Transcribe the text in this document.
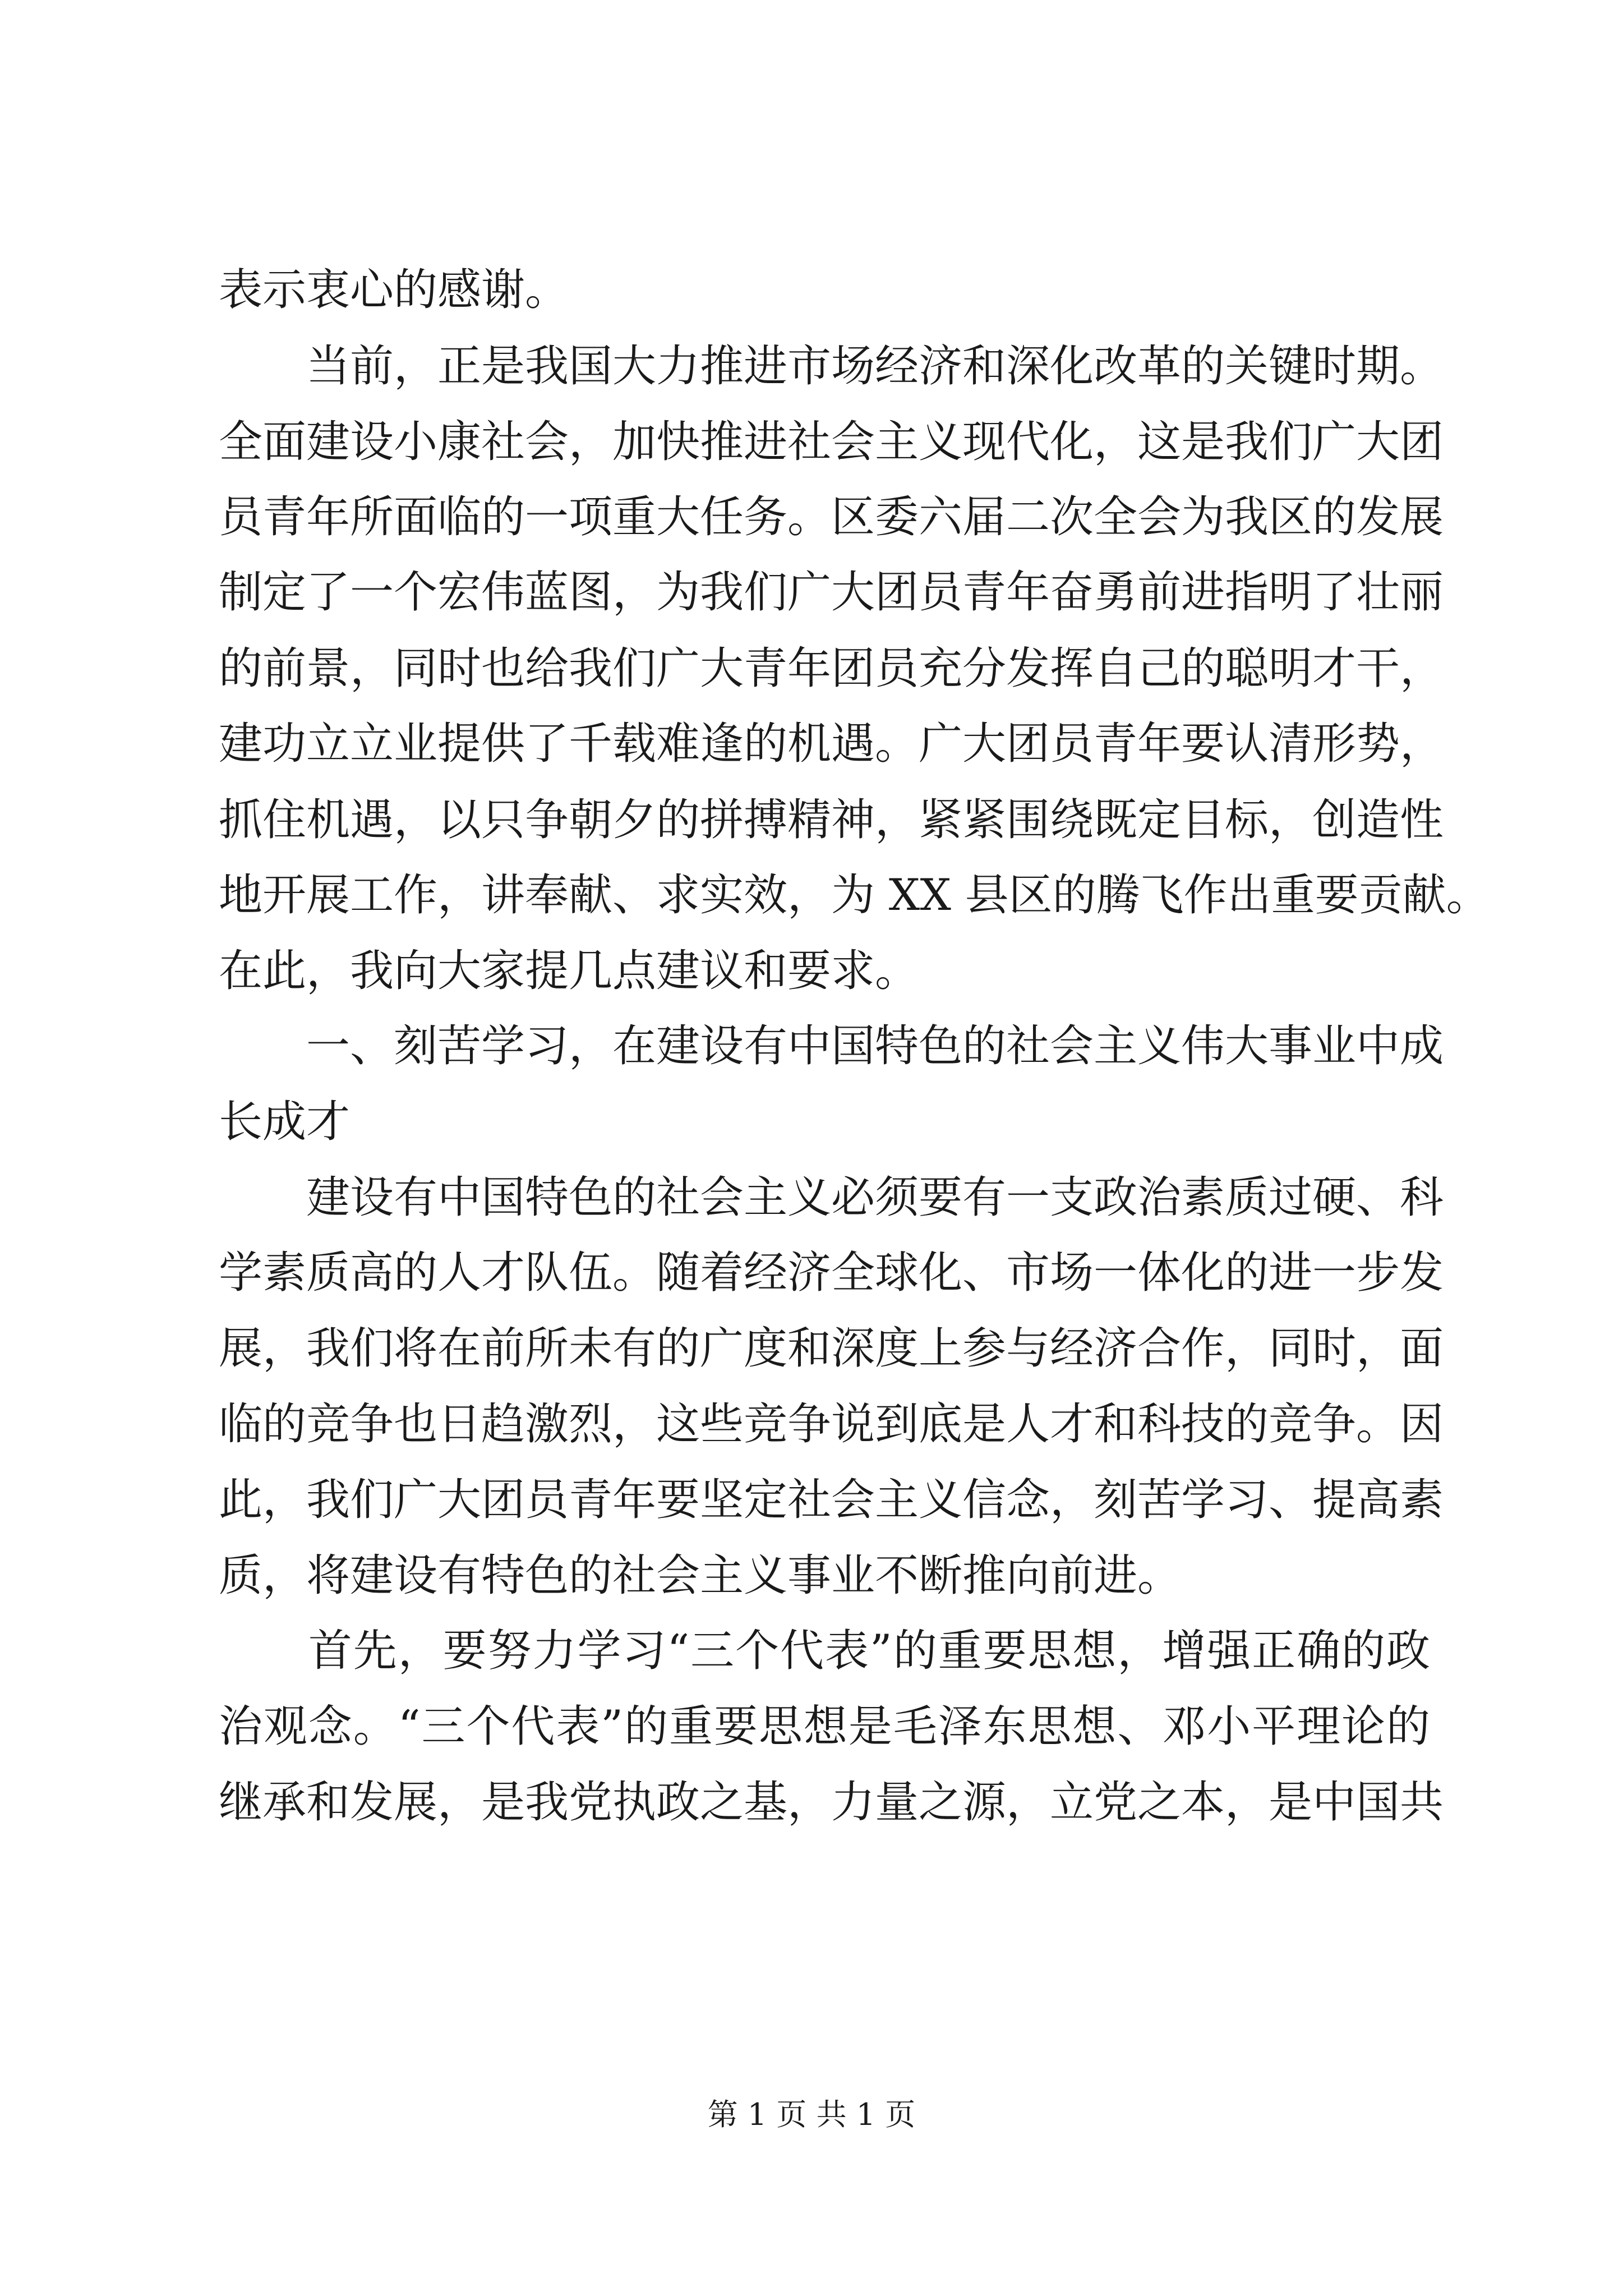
表示衷心的感谢。
　　当前，正是我国大力推进市场经济和深化改革的关键时期。
全面建设小康社会，加快推进社会主义现代化，这是我们广大团
员青年所面临的一项重大任务。区委六届二次全会为我区的发展
制定了一个宏伟蓝图，为我们广大团员青年奋勇前进指明了壮丽
的前景，同时也给我们广大青年团员充分发挥自己的聪明才干，
建功立立业提供了千载难逢的机遇。广大团员青年要认清形势，
抓住机遇，以只争朝夕的拼搏精神，紧紧围绕既定目标，创造性
地开展工作，讲奉献、求实效，为 XX 县区的腾飞作出重要贡献。
在此，我向大家提几点建议和要求。
　　一、刻苦学习，在建设有中国特色的社会主义伟大事业中成
长成才
　　建设有中国特色的社会主义必须要有一支政治素质过硬、科
学素质高的人才队伍。随着经济全球化、市场一体化的进一步发
展，我们将在前所未有的广度和深度上参与经济合作，同时，面
临的竞争也日趋激烈，这些竞争说到底是人才和科技的竞争。因
此，我们广大团员青年要坚定社会主义信念，刻苦学习、提高素
质，将建设有特色的社会主义事业不断推向前进。
　　首先，要努力学习“三个代表”的重要思想，增强正确的政
治观念。“三个代表”的重要思想是毛泽东思想、邓小平理论的
继承和发展，是我党执政之基，力量之源，立党之本，是中国共
第 1 页 共 1 页
